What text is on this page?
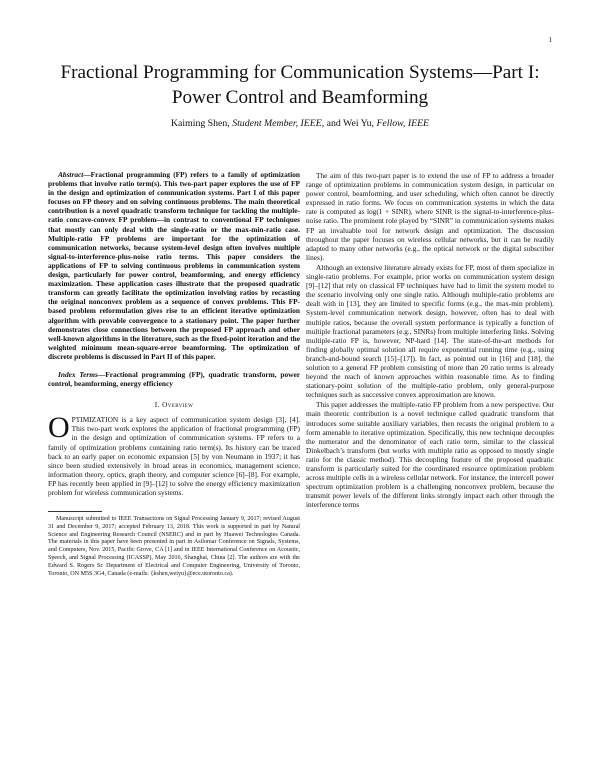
1
Fractional Programming for Communication Systems—Part I: Power Control and Beamforming
Kaiming Shen, Student Member, IEEE, and Wei Yu, Fellow, IEEE

Abstract—Fractional programming (FP) refers to a family of optimization problems that involve ratio term(s). This two-part paper explores the use of FP in the design and optimization of communication systems. Part I of this paper focuses on FP theory and on solving continuous problems. The main theoretical contribution is a novel quadratic transform technique for tackling the multiple-ratio concave-convex FP problem—in contrast to conventional FP techniques that mostly can only deal with the single-ratio or the max-min-ratio case. Multiple-ratio FP problems are important for the optimization of communication networks, because system-level design often involves multiple signal-to-interference-plus-noise ratio terms. This paper considers the applications of FP to solving continuous problems in communication system design, particularly for power control, beamforming, and energy efficiency maximization. These application cases illustrate that the proposed quadratic transform can greatly facilitate the optimization involving ratios by recasting the original nonconvex problem as a sequence of convex problems. This FP-based problem reformulation gives rise to an efficient iterative optimization algorithm with provable convergence to a stationary point. The paper further demonstrates close connections between the proposed FP approach and other well-known algorithms in the literature, such as the fixed-point iteration and the weighted minimum mean-square-error beamforming. The optimization of discrete problems is discussed in Part II of this paper.

Index Terms—Fractional programming (FP), quadratic transform, power control, beamforming, energy efficiency

I. Overview

OPTIMIZATION is a key aspect of communication system design [3], [4]. This two-part work explores the application of fractional programming (FP) in the design and optimization of communication systems. FP refers to a family of optimization problems containing ratio term(s). Its history can be traced back to an early paper on economic expansion [5] by von Neumann in 1937; it has since been studied extensively in broad areas in economics, management science, information theory, optics, graph theory, and computer science [6]–[8]. For example, FP has recently been applied in [9]–[12] to solve the energy efficiency maximization problem for wireless communication systems.

Manuscript submitted to IEEE Transactions on Signal Processing January 9, 2017; revised August 31 and December 9, 2017; accepted February 13, 2018. This work is supported in part by Natural Science and Engineering Research Council (NSERC) and in part by Huawei Technologies Canada. The materials in this paper have been presented in part in Asilomar Conference on Signals, Systems, and Computers, Nov. 2015, Pacific Grove, CA [1] and in IEEE International Conference on Acoustic, Speech, and Signal Processing (ICASSP), May 2016, Shanghai, China [2]. The authors are with the Edward S. Rogers Sr. Department of Electrical and Computer Engineering, University of Toronto, Toronto, ON M5S 3G4, Canada (e-mails: {kshen,weiyu}@ece.utoronto.ca).

The aim of this two-part paper is to extend the use of FP to address a broader range of optimization problems in communication system design, in particular on power control, beamforming, and user scheduling, which often cannot be directly expressed in ratio forms. We focus on communication systems in which the data rate is computed as log(1 + SINR), where SINR is the signal-to-interference-plus-noise ratio. The prominent role played by “SINR” in communication systems makes FP an invaluable tool for network design and optimization. The discussion throughout the paper focuses on wireless cellular networks, but it can be readily adapted to many other networks (e.g., the optical network or the digital subscriber lines).

Although an extensive literature already exists for FP, most of them specialize in single-ratio problems. For example, prior works on communication system design [9]–[12] that rely on classical FP techniques have had to limit the system model to the scenario involving only one single ratio. Although multiple-ratio problems are dealt with in [13], they are limited to specific forms (e.g., the max-min problem). System-level communication network design, however, often has to deal with multiple ratios, because the overall system performance is typically a function of multiple fractional parameters (e.g., SINRs) from multiple interfering links. Solving multiple-ratio FP is, however, NP-hard [14]. The state-of-the-art methods for finding globally optimal solution all require exponential running time (e.g., using branch-and-bound search [15]–[17]). In fact, as pointed out in [16] and [18], the solution to a general FP problem consisting of more than 20 ratio terms is already beyond the reach of known approaches within reasonable time. As to finding stationary-point solution of the multiple-ratio problem, only general-purpose techniques such as successive convex approximation are known.

This paper addresses the multiple-ratio FP problem from a new perspective. Our main theoretic contribution is a novel technique called quadratic transform that introduces some suitable auxiliary variables, then recasts the original problem to a form amenable to iterative optimization. Specifically, this new technique decouples the numerator and the denominator of each ratio term, similar to the classical Dinkelbach’s transform (but works with multiple ratio as opposed to mostly single ratio for the classic method). This decoupling feature of the proposed quadratic transform is particularly suited for the coordinated resource optimization problem across multiple cells in a wireless cellular network. For instance, the intercell power spectrum optimization problem is a challenging nonconvex problem, because the transmit power levels of the different links strongly impact each other through the interference terms
